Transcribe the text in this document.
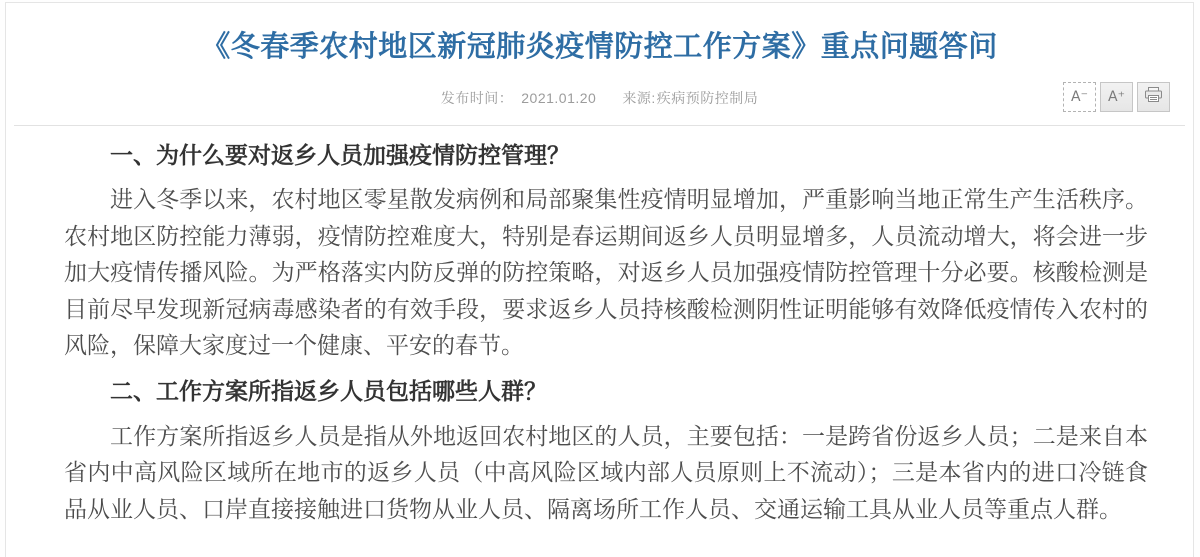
《冬春季农村地区新冠肺炎疫情防控工作方案》重点问题答问
发布时间： 2021.01.20 来源:疾病预防控制局	A⁻ A⁺
一、为什么要对返乡人员加强疫情防控管理？

进入冬季以来，农村地区零星散发病例和局部聚集性疫情明显增加，严重影响当地正常生产生活秩序。农村地区防控能力薄弱，疫情防控难度大，特别是春运期间返乡人员明显增多，人员流动增大，将会进一步加大疫情传播风险。为严格落实内防反弹的防控策略，对返乡人员加强疫情防控管理十分必要。核酸检测是目前尽早发现新冠病毒感染者的有效手段，要求返乡人员持核酸检测阴性证明能够有效降低疫情传入农村的风险，保障大家度过一个健康、平安的春节。

二、工作方案所指返乡人员包括哪些人群？

工作方案所指返乡人员是指从外地返回农村地区的人员，主要包括：一是跨省份返乡人员；二是来自本省内中高风险区域所在地市的返乡人员（中高风险区域内部人员原则上不流动）；三是本省内的进口冷链食品从业人员、口岸直接接触进口货物从业人员、隔离场所工作人员、交通运输工具从业人员等重点人群。
